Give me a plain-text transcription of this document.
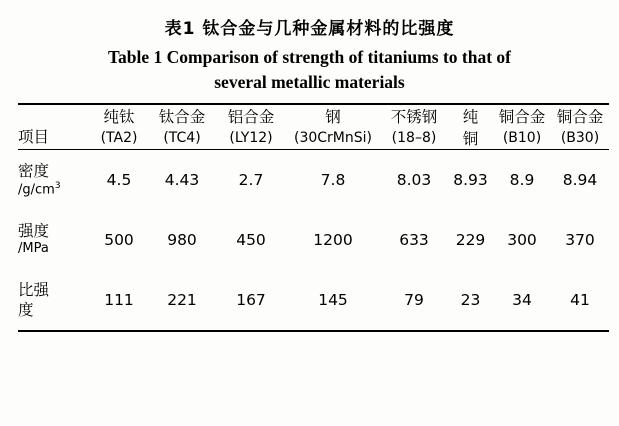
表1 钛合金与几种金属材料的比强度
Table 1 Comparison of strength of titaniums to that of
several metallic materials
	纯钛	钛合金	铝合金	钢	不锈钢	纯	铜合金	铜合金
项目	(TA2)	(TC4)	(LY12)	(30CrMnSi)	(18–8)	铜	(B10)	(B30)

密度
$/g/cm^3$	4.5	4.43	2.7	7.8	8.03	8.93	8.9	8.94

强度
/MPa	500	980	450	1200	633	229	300	370

比强
度	111	221	167	145	79	23	34	41
